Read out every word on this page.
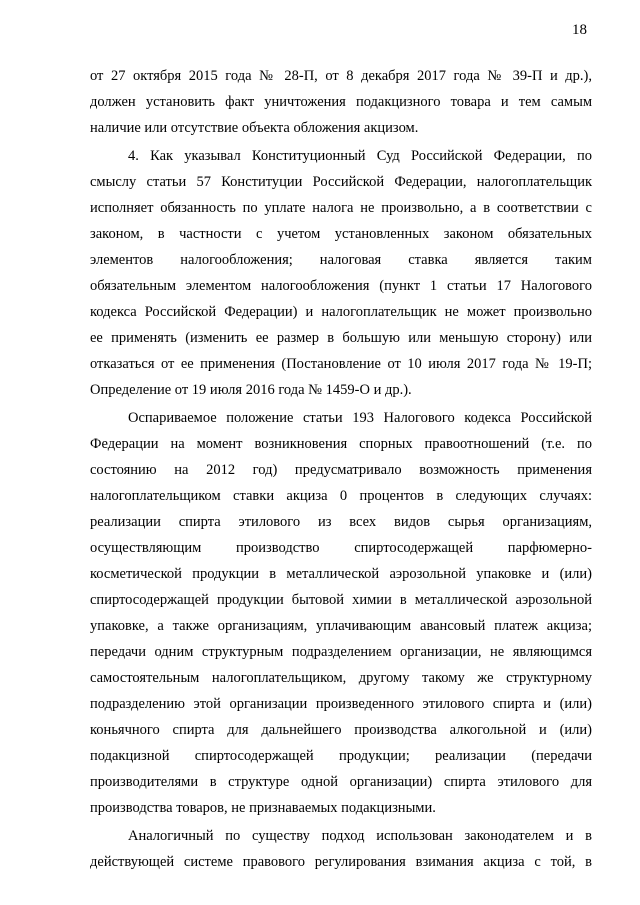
18
от 27 октября 2015 года № 28-П, от 8 декабря 2017 года № 39-П и др.),
должен установить факт уничтожения подакцизного товара и тем самым
наличие или отсутствие объекта обложения акцизом.
4. Как указывал Конституционный Суд Российской Федерации, по
смыслу статьи 57 Конституции Российской Федерации, налогоплательщик
исполняет обязанность по уплате налога не произвольно, а в соответствии с
законом, в частности с учетом установленных законом обязательных
элементов налогообложения; налоговая ставка является таким
обязательным элементом налогообложения (пункт 1 статьи 17 Налогового
кодекса Российской Федерации) и налогоплательщик не может произвольно
ее применять (изменить ее размер в большую или меньшую сторону) или
отказаться от ее применения (Постановление от 10 июля 2017 года № 19-П;
Определение от 19 июля 2016 года № 1459-О и др.).
Оспариваемое положение статьи 193 Налогового кодекса Российской
Федерации на момент возникновения спорных правоотношений (т.е. по
состоянию на 2012 год) предусматривало возможность применения
налогоплательщиком ставки акциза 0 процентов в следующих случаях:
реализации спирта этилового из всех видов сырья организациям,
осуществляющим производство спиртосодержащей парфюмерно-
косметической продукции в металлической аэрозольной упаковке и (или)
спиртосодержащей продукции бытовой химии в металлической аэрозольной
упаковке, а также организациям, уплачивающим авансовый платеж акциза;
передачи одним структурным подразделением организации, не являющимся
самостоятельным налогоплательщиком, другому такому же структурному
подразделению этой организации произведенного этилового спирта и (или)
коньячного спирта для дальнейшего производства алкогольной и (или)
подакцизной спиртосодержащей продукции; реализации (передачи
производителями в структуре одной организации) спирта этилового для
производства товаров, не признаваемых подакцизными.
Аналогичный по существу подход использован законодателем и в
действующей системе правового регулирования взимания акциза с той, в
